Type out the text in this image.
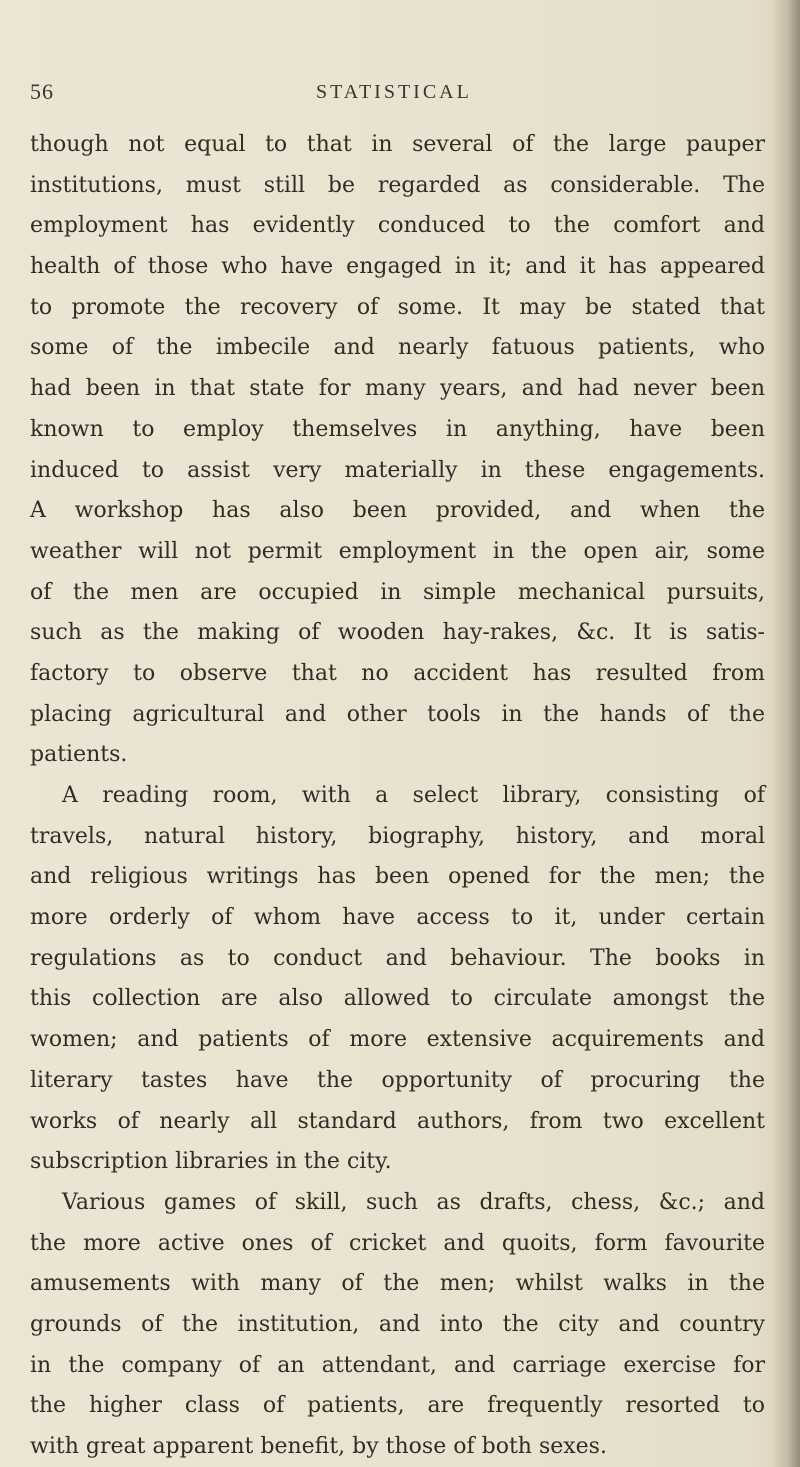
56	STATISTICAL
though not equal to that in several of the large pauper
institutions, must still be regarded as considerable. The
employment has evidently conduced to the comfort and
health of those who have engaged in it; and it has appeared
to promote the recovery of some. It may be stated that
some of the imbecile and nearly fatuous patients, who
had been in that state for many years, and had never been
known to employ themselves in anything, have been
induced to assist very materially in these engagements.
A workshop has also been provided, and when the
weather will not permit employment in the open air, some
of the men are occupied in simple mechanical pursuits,
such as the making of wooden hay-rakes, &c. It is satis-
factory to observe that no accident has resulted from
placing agricultural and other tools in the hands of the
patients.
A reading room, with a select library, consisting of
travels, natural history, biography, history, and moral
and religious writings has been opened for the men; the
more orderly of whom have access to it, under certain
regulations as to conduct and behaviour. The books in
this collection are also allowed to circulate amongst the
women; and patients of more extensive acquirements and
literary tastes have the opportunity of procuring the
works of nearly all standard authors, from two excellent
subscription libraries in the city.
Various games of skill, such as drafts, chess, &c.; and
the more active ones of cricket and quoits, form favourite
amusements with many of the men; whilst walks in the
grounds of the institution, and into the city and country
in the company of an attendant, and carriage exercise for
the higher class of patients, are frequently resorted to
with great apparent benefit, by those of both sexes.
